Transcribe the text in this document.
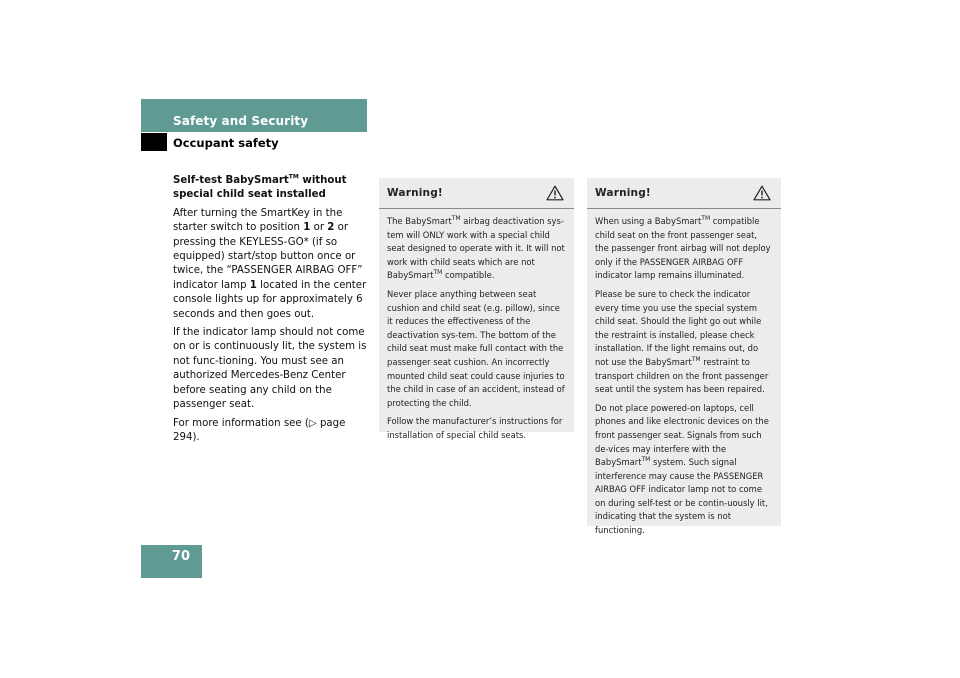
Safety and Security
Occupant safety

Self-test BabySmart™ without special child seat installed

After turning the SmartKey in the starter switch to position 1 or 2 or pressing the KEYLESS-GO* (if so equipped) start/stop button once or twice, the “PASSENGER AIRBAG OFF” indicator lamp 1 located in the center console lights up for approximately 6 seconds and then goes out.

If the indicator lamp should not come on or is continuously lit, the system is not func-tioning. You must see an authorized Mercedes-Benz Center before seating any child on the passenger seat.

For more information see (▷ page 294).

Warning!

The BabySmart™ airbag deactivation sys-tem will ONLY work with a special child seat designed to operate with it. It will not work with child seats which are not BabySmart™ compatible.

Never place anything between seat cushion and child seat (e.g. pillow), since it reduces the effectiveness of the deactivation sys-tem. The bottom of the child seat must make full contact with the passenger seat cushion. An incorrectly mounted child seat could cause injuries to the child in case of an accident, instead of protecting the child.

Follow the manufacturer’s instructions for installation of special child seats.

Warning!

When using a BabySmart™ compatible child seat on the front passenger seat, the passenger front airbag will not deploy only if the PASSENGER AIRBAG OFF indicator lamp remains illuminated.

Please be sure to check the indicator every time you use the special system child seat. Should the light go out while the restraint is installed, please check installation. If the light remains out, do not use the BabySmart™ restraint to transport children on the front passenger seat until the system has been repaired.

Do not place powered-on laptops, cell phones and like electronic devices on the front passenger seat. Signals from such de-vices may interfere with the BabySmart™ system. Such signal interference may cause the PASSENGER AIRBAG OFF indicator lamp not to come on during self-test or be contin-uously lit, indicating that the system is not functioning.

70
